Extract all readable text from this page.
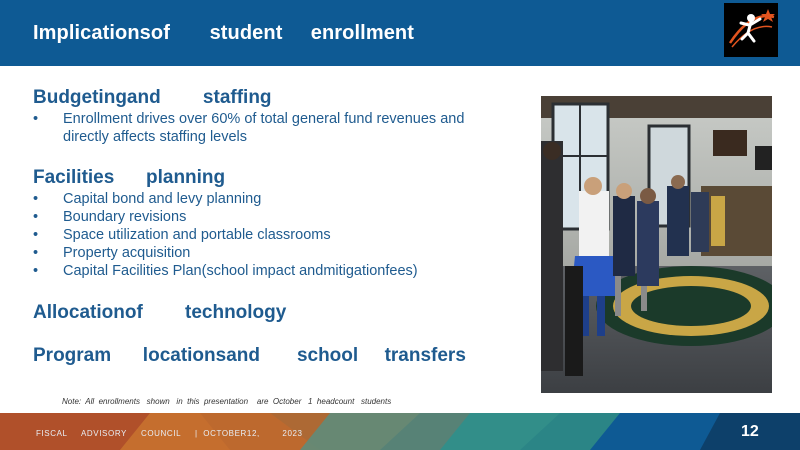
Implicationsof       student     enrollment
Budgetingand        staffing
• Enrollment drives over 60% of total general fund revenues and directly affects staffing levels
Facilities      planning
• Capital bond and levy planning
• Boundary revisions
• Space utilization and portable classrooms
• Property acquisition
• Capital Facilities Plan(school impact andmitigationfees)
Allocationof        technology
Program      locationsand       school     transfers
Note:  All  enrollments   shown   in  this  presentation    are  October   1  headcount   students
FISCAL     ADVISORY     COUNCIL     |  OCTOBER12,        2023	12
